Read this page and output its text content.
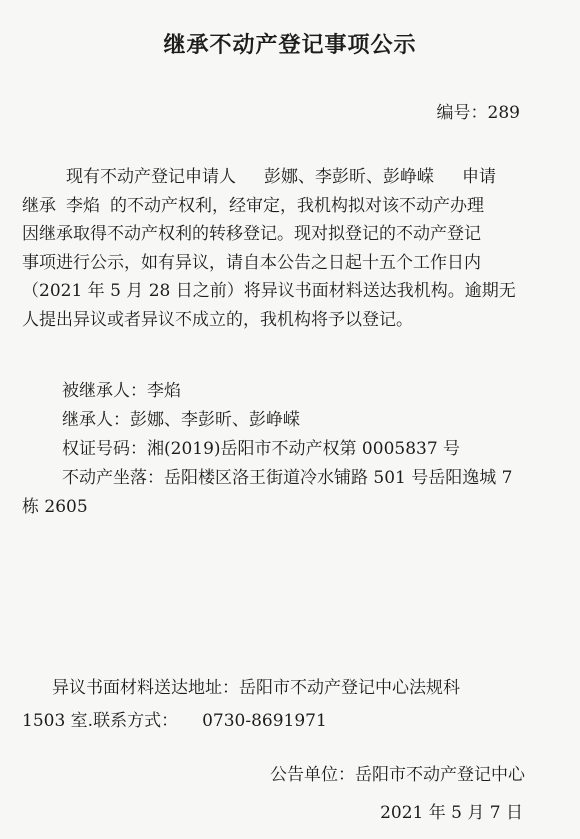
继承不动产登记事项公示
编号：289
现有不动产登记申请人 彭娜、李彭昕、彭峥嵘 申请
继承 李焰 的不动产权利，经审定，我机构拟对该不动产办理
因继承取得不动产权利的转移登记。现对拟登记的不动产登记
事项进行公示，如有异议，请自本公告之日起十五个工作日内
（2021 年 5 月 28 日之前）将异议书面材料送达我机构。逾期无
人提出异议或者异议不成立的，我机构将予以登记。
被继承人：李焰
继承人：彭娜、李彭昕、彭峥嵘
权证号码：湘(2019)岳阳市不动产权第 0005837 号
不动产坐落：岳阳楼区洛王街道冷水铺路 501 号岳阳逸城 7
栋 2605
异议书面材料送达地址：岳阳市不动产登记中心法规科
1503 室.联系方式： 0730-8691971
公告单位：岳阳市不动产登记中心
2021 年 5 月 7 日
